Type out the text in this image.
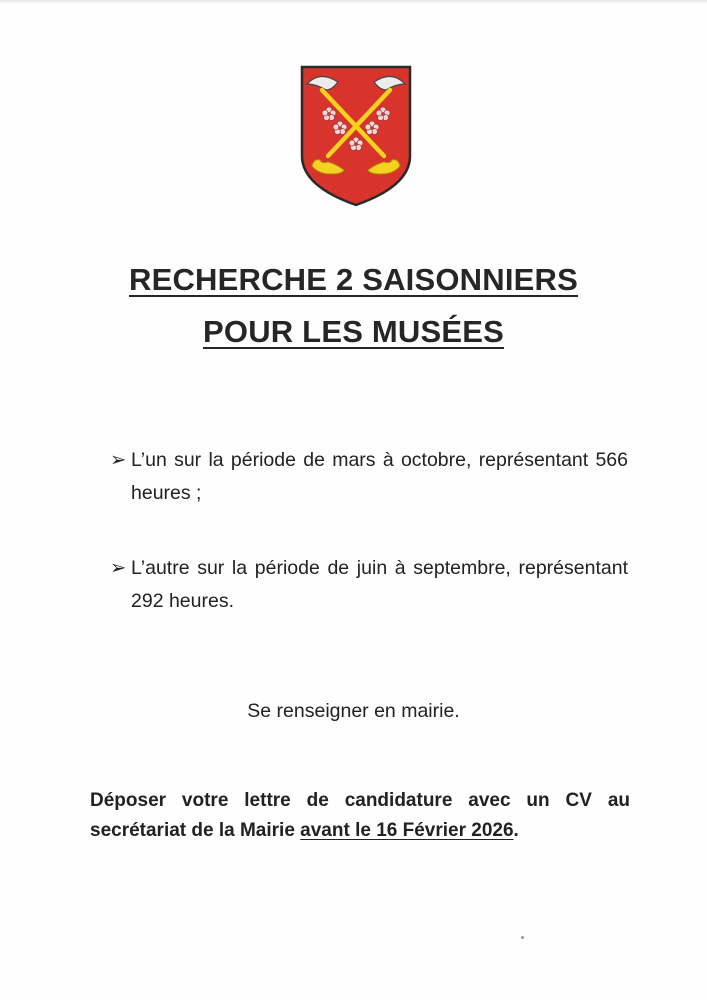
RECHERCHE 2 SAISONNIERS
POUR LES MUSÉES
➢ L’un sur la période de mars à octobre, représentant 566 heures ;
➢ L’autre sur la période de juin à septembre, représentant 292 heures.
Se renseigner en mairie.
Déposer votre lettre de candidature avec un CV au
secrétariat de la Mairie avant le 16 Février 2026.
